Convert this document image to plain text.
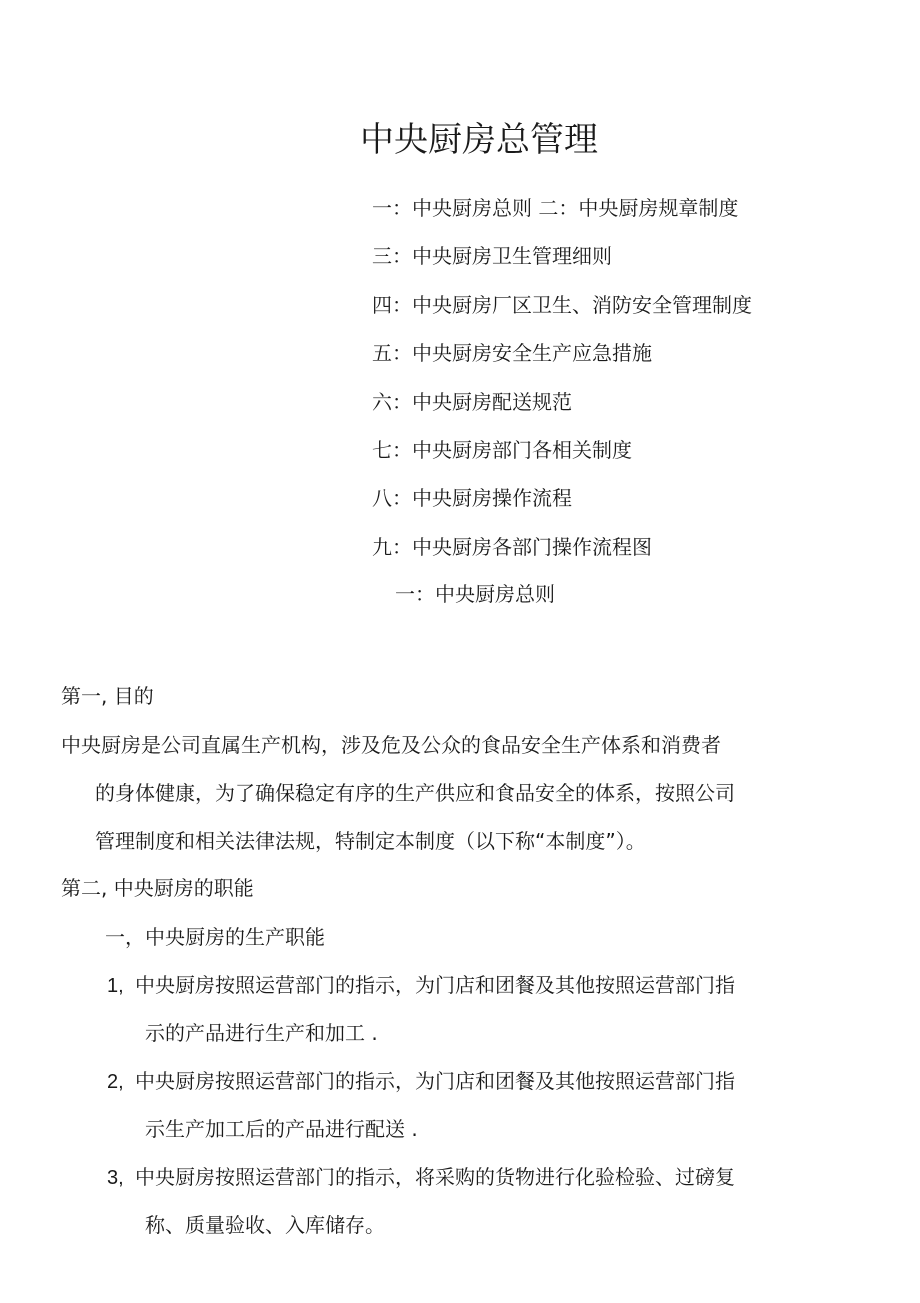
中央厨房总管理
一：中央厨房总则 二：中央厨房规章制度
三：中央厨房卫生管理细则
四：中央厨房厂区卫生、消防安全管理制度
五：中央厨房安全生产应急措施
六：中央厨房配送规范
七：中央厨房部门各相关制度
八：中央厨房操作流程
九：中央厨房各部门操作流程图
一：中央厨房总则

第一, 目的

中央厨房是公司直属生产机构，涉及危及公众的食品安全生产体系和消费者

的身体健康，为了确保稳定有序的生产供应和食品安全的体系，按照公司

管理制度和相关法律法规，特制定本制度（以下称“本制度”）。

第二, 中央厨房的职能

一，中央厨房的生产职能

1, 中央厨房按照运营部门的指示，为门店和团餐及其他按照运营部门指

示的产品进行生产和加工 .

2, 中央厨房按照运营部门的指示，为门店和团餐及其他按照运营部门指

示生产加工后的产品进行配送 .

3, 中央厨房按照运营部门的指示，将采购的货物进行化验检验、过磅复

称、质量验收、入库储存。
